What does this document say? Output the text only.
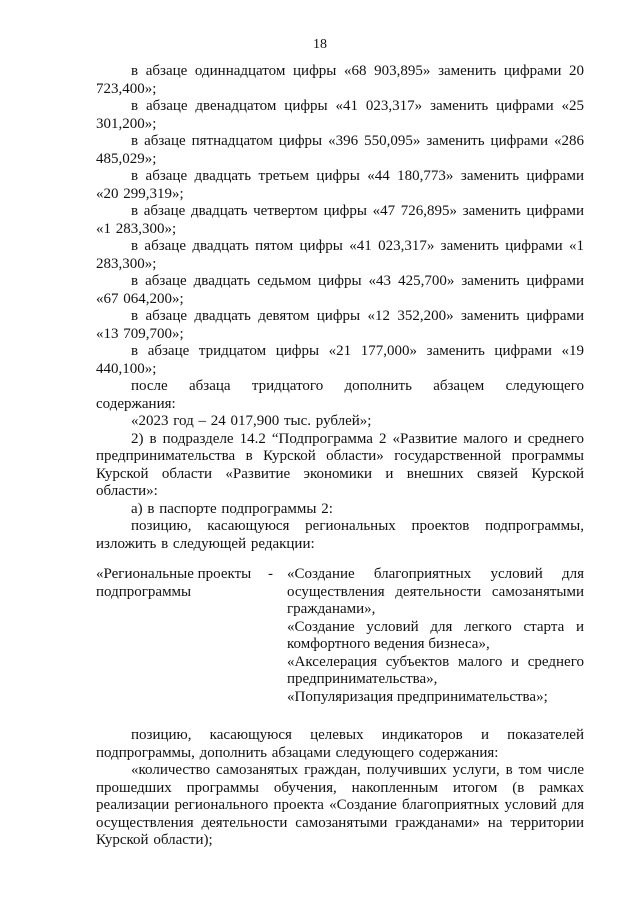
18

в абзаце одиннадцатом цифры «68 903,895» заменить цифрами 20 723,400»;

в абзаце двенадцатом цифры «41 023,317» заменить цифрами «25 301,200»;

в абзаце пятнадцатом цифры «396 550,095» заменить цифрами «286 485,029»;

в абзаце двадцать третьем цифры «44 180,773» заменить цифрами «20 299,319»;

в абзаце двадцать четвертом цифры «47 726,895» заменить цифрами «1 283,300»;

в абзаце двадцать пятом цифры «41 023,317» заменить цифрами «1 283,300»;

в абзаце двадцать седьмом цифры «43 425,700» заменить цифрами «67 064,200»;

в абзаце двадцать девятом цифры «12 352,200» заменить цифрами «13 709,700»;

в абзаце тридцатом цифры «21 177,000» заменить цифрами «19 440,100»;

после абзаца тридцатого дополнить абзацем следующего содержания:

«2023 год – 24 017,900 тыс. рублей»;

2) в подразделе 14.2 “Подпрограмма 2 «Развитие малого и среднего предпринимательства в Курской области» государственной программы Курской области «Развитие экономики и внешних связей Курской области»:

а) в паспорте подпрограммы 2:

позицию, касающуюся региональных проектов подпрограммы, изложить в следующей редакции:

«Региональные проекты подпрограммы
- «Создание благоприятных условий для осуществления деятельности самозанятыми гражданами»,

«Создание условий для легкого старта и комфортного ведения бизнеса»,

«Акселерация субъектов малого и среднего предпринимательства»,

«Популяризация предпринимательства»;

позицию, касающуюся целевых индикаторов и показателей подпрограммы, дополнить абзацами следующего содержания:

«количество самозанятых граждан, получивших услуги, в том числе прошедших программы обучения, накопленным итогом (в рамках реализации регионального проекта «Создание благоприятных условий для осуществления деятельности самозанятыми гражданами» на территории Курской области);
